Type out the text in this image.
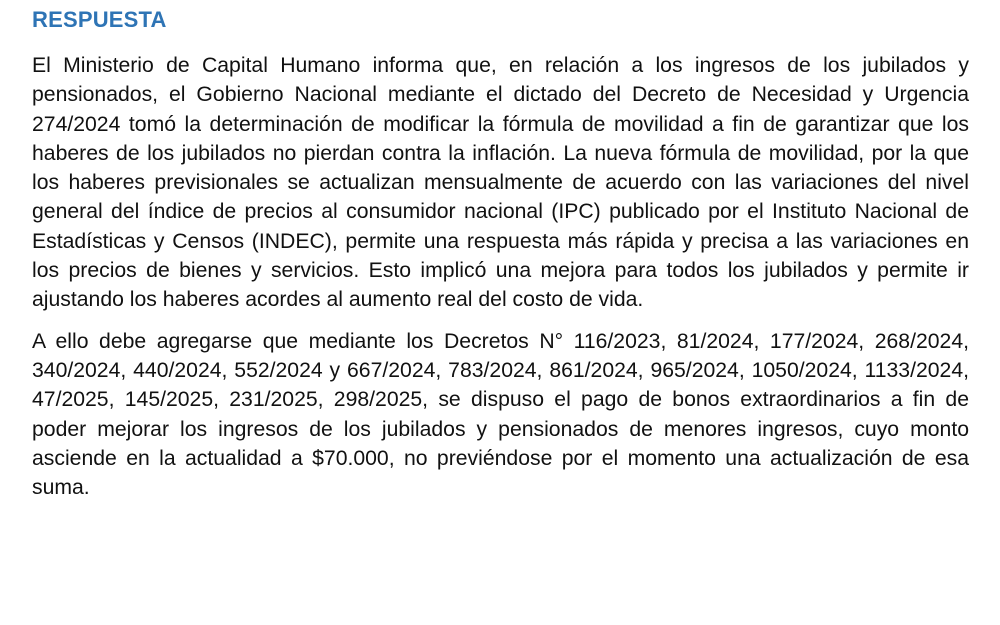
RESPUESTA

El Ministerio de Capital Humano informa que, en relación a los ingresos de los jubilados y pensionados, el Gobierno Nacional mediante el dictado del Decreto de Necesidad y Urgencia 274/2024 tomó la determinación de modificar la fórmula de movilidad a fin de garantizar que los haberes de los jubilados no pierdan contra la inflación. La nueva fórmula de movilidad, por la que los haberes previsionales se actualizan mensualmente de acuerdo con las variaciones del nivel general del índice de precios al consumidor nacional (IPC) publicado por el Instituto Nacional de Estadísticas y Censos (INDEC), permite una respuesta más rápida y precisa a las variaciones en los precios de bienes y servicios. Esto implicó una mejora para todos los jubilados y permite ir ajustando los haberes acordes al aumento real del costo de vida.

A ello debe agregarse que mediante los Decretos N° 116/2023, 81/2024, 177/2024, 268/2024, 340/2024, 440/2024, 552/2024 y 667/2024, 783/2024, 861/2024, 965/2024, 1050/2024, 1133/2024, 47/2025, 145/2025, 231/2025, 298/2025, se dispuso el pago de bonos extraordinarios a fin de poder mejorar los ingresos de los jubilados y pensionados de menores ingresos, cuyo monto asciende en la actualidad a $70.000, no previéndose por el momento una actualización de esa suma.
